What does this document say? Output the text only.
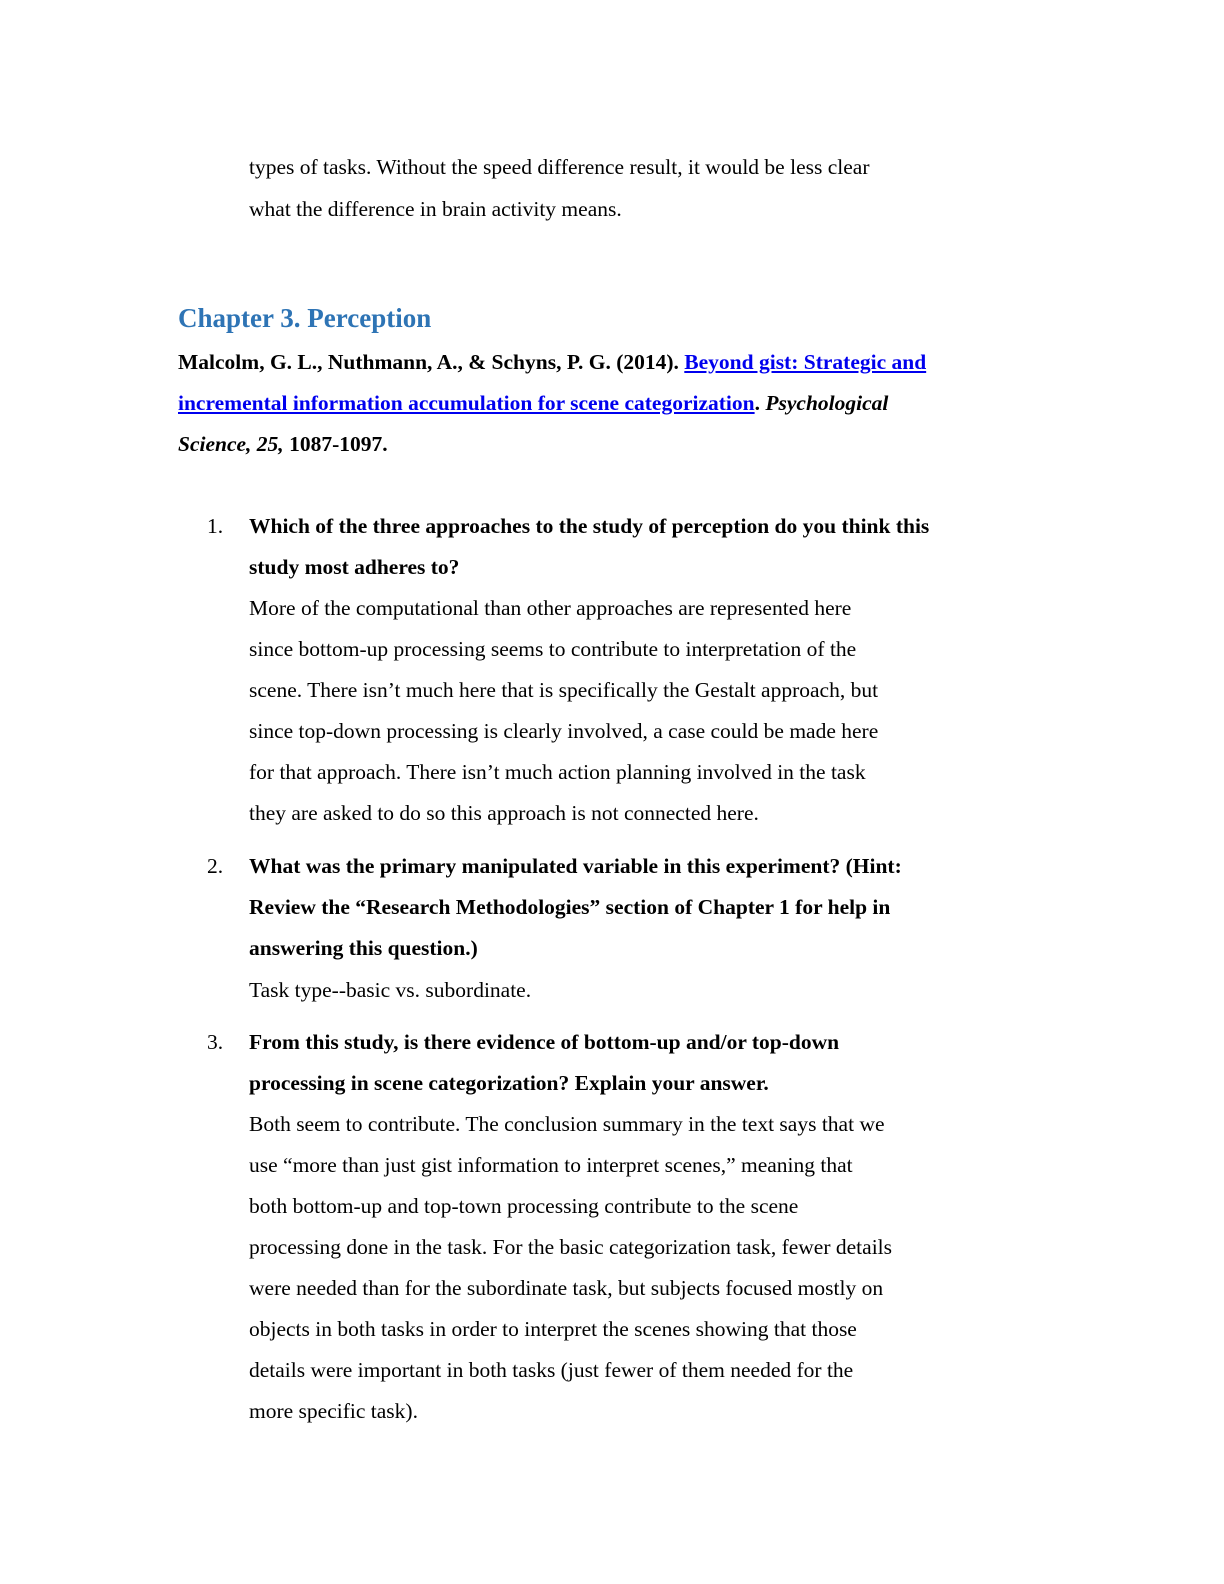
types of tasks. Without the speed difference result, it would be less clear
what the difference in brain activity means.
Chapter 3. Perception
Malcolm, G. L., Nuthmann, A., & Schyns, P. G. (2014). Beyond gist: Strategic and
incremental information accumulation for scene categorization. Psychological
Science, 25, 1087-1097.
1. Which of the three approaches to the study of perception do you think this
study most adheres to?
More of the computational than other approaches are represented here
since bottom-up processing seems to contribute to interpretation of the
scene. There isn’t much here that is specifically the Gestalt approach, but
since top-down processing is clearly involved, a case could be made here
for that approach. There isn’t much action planning involved in the task
they are asked to do so this approach is not connected here.
2. What was the primary manipulated variable in this experiment? (Hint:
Review the “Research Methodologies” section of Chapter 1 for help in
answering this question.)
Task type--basic vs. subordinate.
3. From this study, is there evidence of bottom-up and/or top-down
processing in scene categorization? Explain your answer.
Both seem to contribute. The conclusion summary in the text says that we
use “more than just gist information to interpret scenes,” meaning that
both bottom-up and top-town processing contribute to the scene
processing done in the task. For the basic categorization task, fewer details
were needed than for the subordinate task, but subjects focused mostly on
objects in both tasks in order to interpret the scenes showing that those
details were important in both tasks (just fewer of them needed for the
more specific task).
